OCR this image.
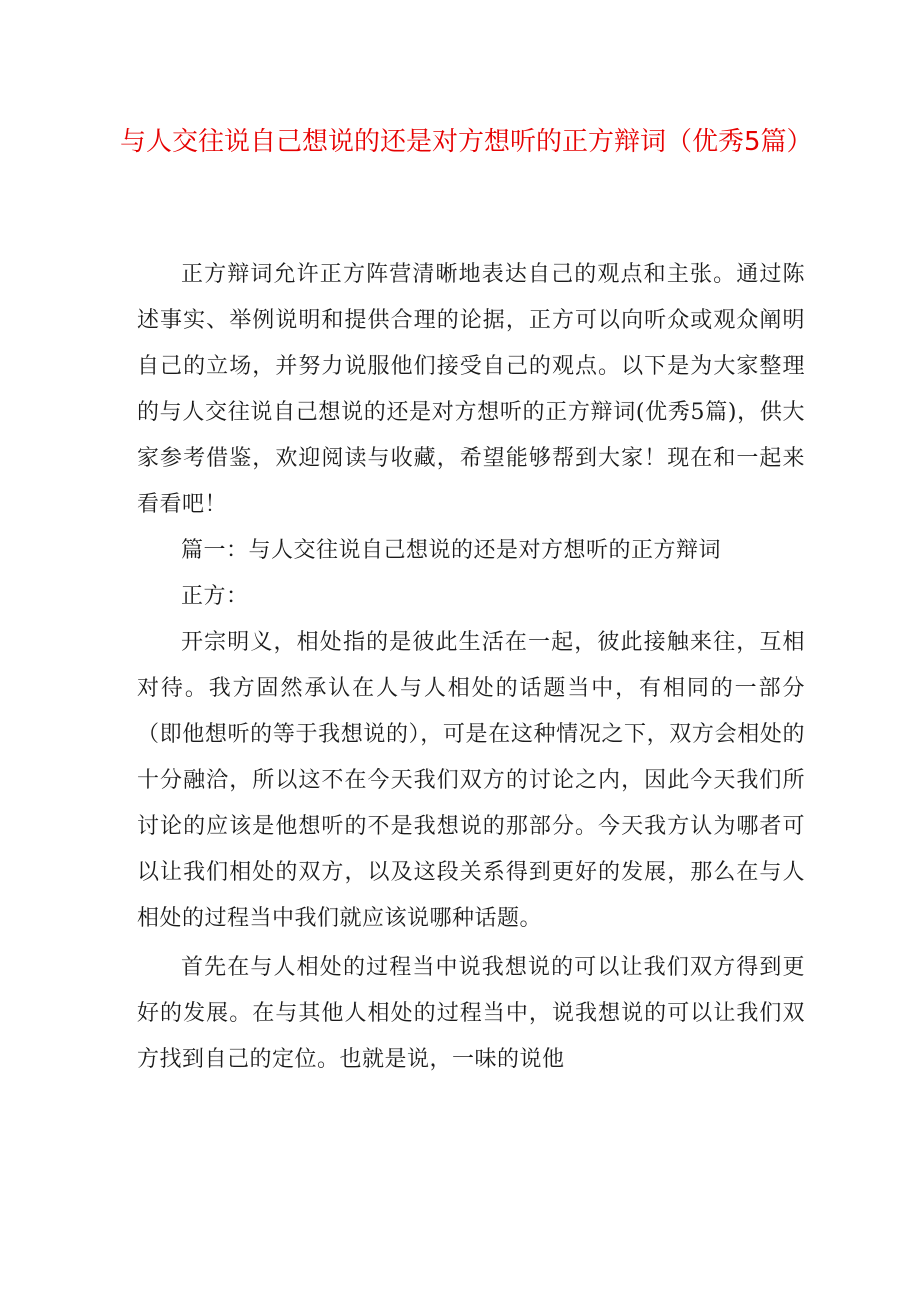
与人交往说自己想说的还是对方想听的正方辩词（优秀5篇）

正方辩词允许正方阵营清晰地表达自己的观点和主张。通过陈述事实、举例说明和提供合理的论据，正方可以向听众或观众阐明自己的立场，并努力说服他们接受自己的观点。以下是为大家整理的与人交往说自己想说的还是对方想听的正方辩词(优秀5篇)，供大家参考借鉴，欢迎阅读与收藏，希望能够帮到大家！现在和一起来看看吧！

篇一：与人交往说自己想说的还是对方想听的正方辩词

正方：

开宗明义，相处指的是彼此生活在一起，彼此接触来往，互相对待。我方固然承认在人与人相处的话题当中，有相同的一部分（即他想听的等于我想说的），可是在这种情况之下，双方会相处的十分融洽，所以这不在今天我们双方的讨论之内，因此今天我们所讨论的应该是他想听的不是我想说的那部分。今天我方认为哪者可以让我们相处的双方，以及这段关系得到更好的发展，那么在与人相处的过程当中我们就应该说哪种话题。

首先在与人相处的过程当中说我想说的可以让我们双方得到更好的发展。在与其他人相处的过程当中，说我想说的可以让我们双方找到自己的定位。也就是说，一味的说他
